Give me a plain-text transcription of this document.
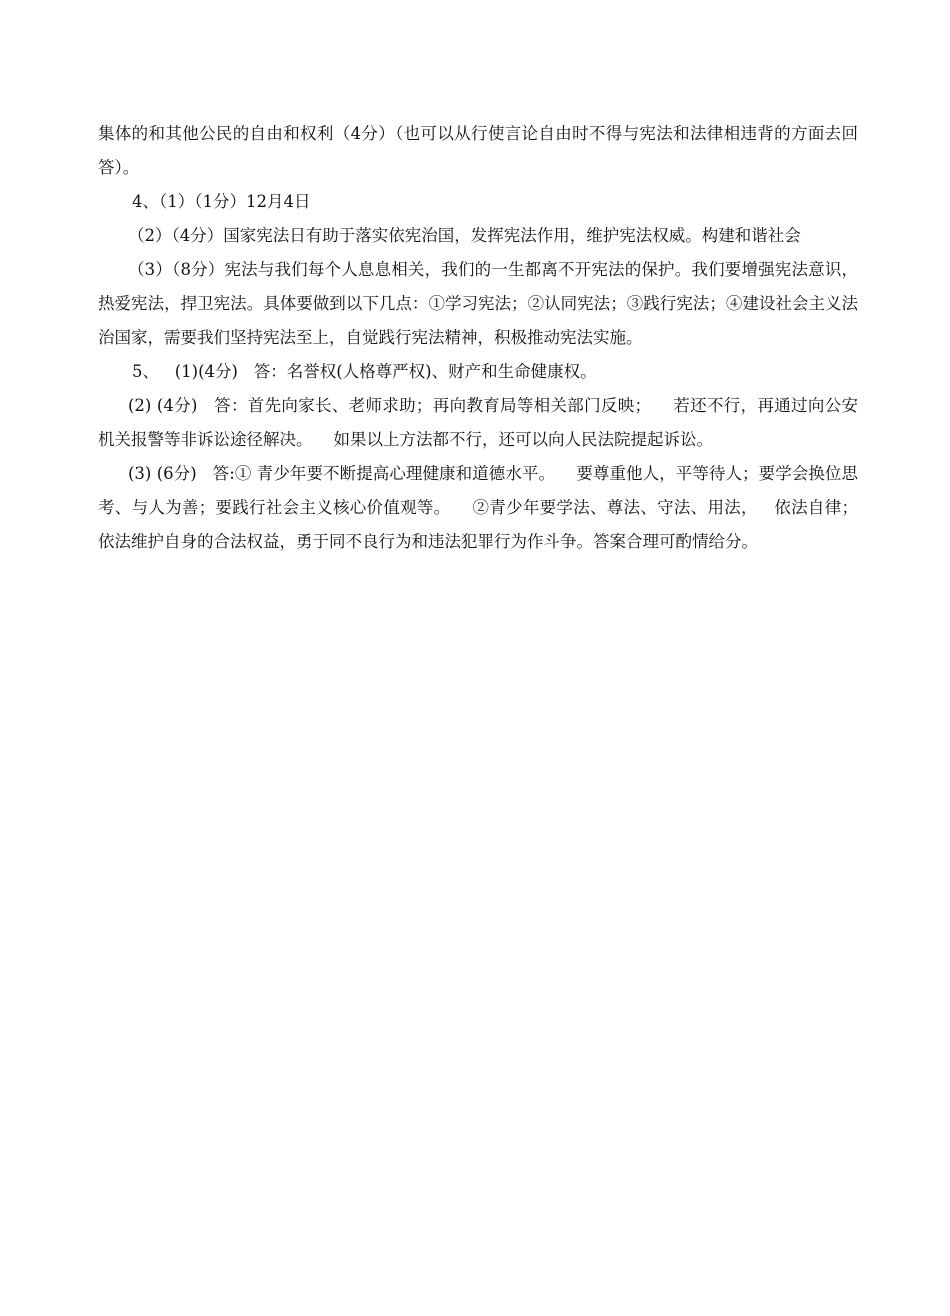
集体的和其他公民的自由和权利（4分）（也可以从行使言论自由时不得与宪法和法律相违背的方面去回答）。

4、（1）（1分）12月4日

（2）（4分）国家宪法日有助于落实依宪治国，发挥宪法作用，维护宪法权威。构建和谐社会

（3）（8分）宪法与我们每个人息息相关，我们的一生都离不开宪法的保护。我们要增强宪法意识，热爱宪法，捍卫宪法。具体要做到以下几点：①学习宪法；②认同宪法；③践行宪法；④建设社会主义法治国家，需要我们坚持宪法至上，自觉践行宪法精神，积极推动宪法实施。

5、   (1)(4分)   答：名誉权(人格尊严权)、财产和生命健康权。

(2) (4分)   答：首先向家长、老师求助；再向教育局等相关部门反映；    若还不行，再通过向公安机关报警等非诉讼途径解决。    如果以上方法都不行，还可以向人民法院提起诉讼。

(3) (6分)   答:① 青少年要不断提高心理健康和道德水平。    要尊重他人，平等待人；要学会换位思考、与人为善；要践行社会主义核心价值观等。    ②青少年要学法、尊法、守法、用法，   依法自律；依法维护自身的合法权益，勇于同不良行为和违法犯罪行为作斗争。答案合理可酌情给分。
